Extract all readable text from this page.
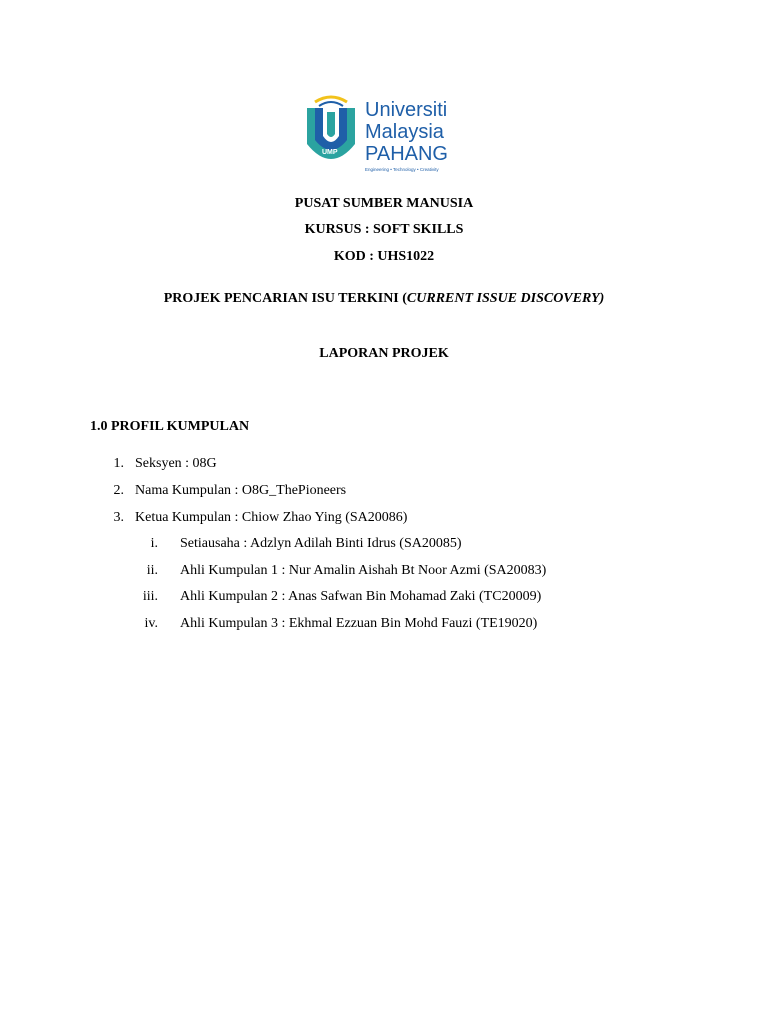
UMP
Universiti
Malaysia
PAHANG
Engineering • Technology • Creativity
PUSAT SUMBER MANUSIA
KURSUS : SOFT SKILLS
KOD : UHS1022
PROJEK PENCARIAN ISU TERKINI (CURRENT ISSUE DISCOVERY)
LAPORAN PROJEK
1.0 PROFIL KUMPULAN
1. Seksyen : 08G
2. Nama Kumpulan : O8G_ThePioneers
3. Ketua Kumpulan : Chiow Zhao Ying (SA20086)
i. Setiausaha : Adzlyn Adilah Binti Idrus (SA20085)
ii. Ahli Kumpulan 1 : Nur Amalin Aishah Bt Noor Azmi (SA20083)
iii. Ahli Kumpulan 2 : Anas Safwan Bin Mohamad Zaki (TC20009)
iv. Ahli Kumpulan 3 : Ekhmal Ezzuan Bin Mohd Fauzi (TE19020)
